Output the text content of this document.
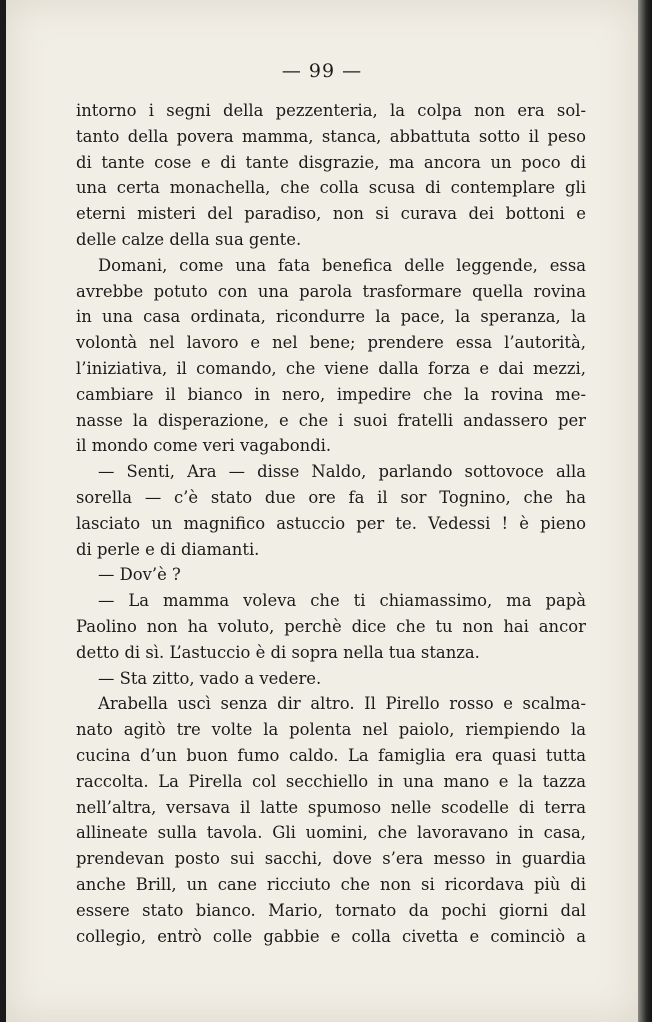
— 99 —
intorno i segni della pezzenteria, la colpa non era sol-
tanto della povera mamma, stanca, abbattuta sotto il peso
di tante cose e di tante disgrazie, ma ancora un poco di
una certa monachella, che colla scusa di contemplare gli
eterni misteri del paradiso, non si curava dei bottoni e
delle calze della sua gente.
Domani, come una fata benefica delle leggende, essa
avrebbe potuto con una parola trasformare quella rovina
in una casa ordinata, ricondurre la pace, la speranza, la
volontà nel lavoro e nel bene; prendere essa l’autorità,
l’iniziativa, il comando, che viene dalla forza e dai mezzi,
cambiare il bianco in nero, impedire che la rovina me-
nasse la disperazione, e che i suoi fratelli andassero per
il mondo come veri vagabondi.
— Senti, Ara — disse Naldo, parlando sottovoce alla
sorella — c’è stato due ore fa il sor Tognino, che ha
lasciato un magnifico astuccio per te. Vedessi ! è pieno
di perle e di diamanti.
— Dov’è ?
— La mamma voleva che ti chiamassimo, ma papà
Paolino non ha voluto, perchè dice che tu non hai ancor
detto di sì. L’astuccio è di sopra nella tua stanza.
— Sta zitto, vado a vedere.
Arabella uscì senza dir altro. Il Pirello rosso e scalma-
nato agitò tre volte la polenta nel paiolo, riempiendo la
cucina d’un buon fumo caldo. La famiglia era quasi tutta
raccolta. La Pirella col secchiello in una mano e la tazza
nell’altra, versava il latte spumoso nelle scodelle di terra
allineate sulla tavola. Gli uomini, che lavoravano in casa,
prendevan posto sui sacchi, dove s’era messo in guardia
anche Brill, un cane ricciuto che non si ricordava più di
essere stato bianco. Mario, tornato da pochi giorni dal
collegio, entrò colle gabbie e colla civetta e cominciò a
